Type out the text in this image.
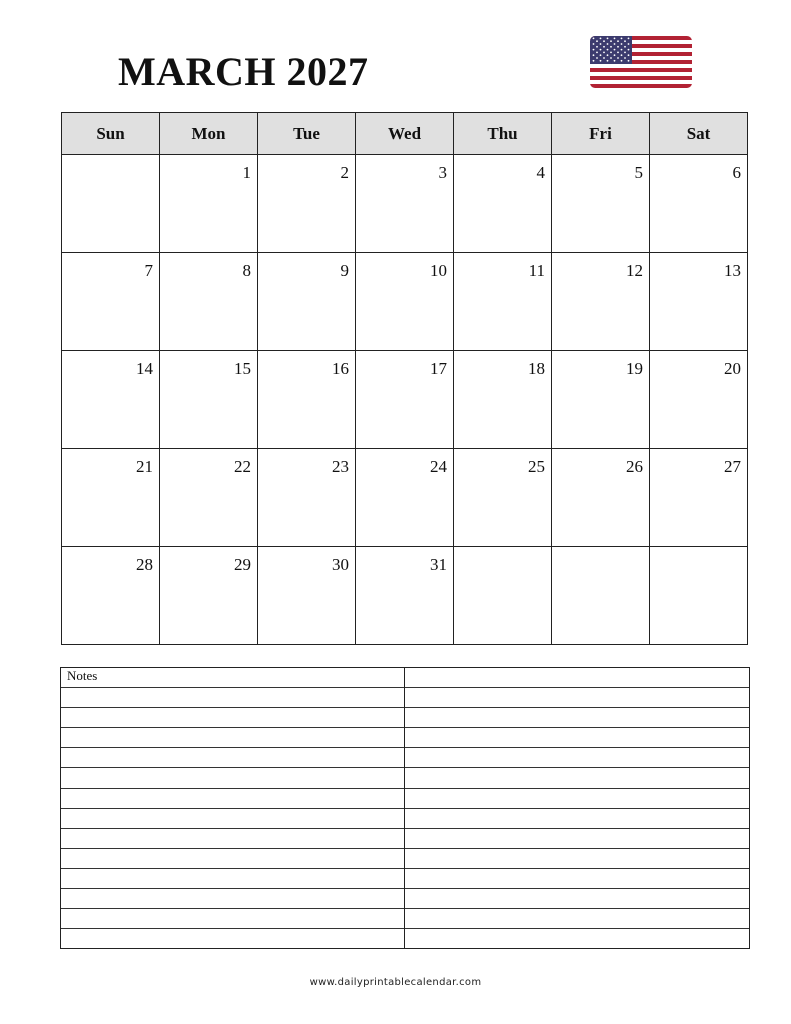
MARCH 2027
Sun	Mon	Tue	Wed	Thu	Fri	Sat

	1	2	3	4	5	6

7	8	9	10	11	12	13

14	15	16	17	18	19	20

21	22	23	24	25	26	27

28	29	30	31			

Notes
www.dailyprintablecalendar.com
